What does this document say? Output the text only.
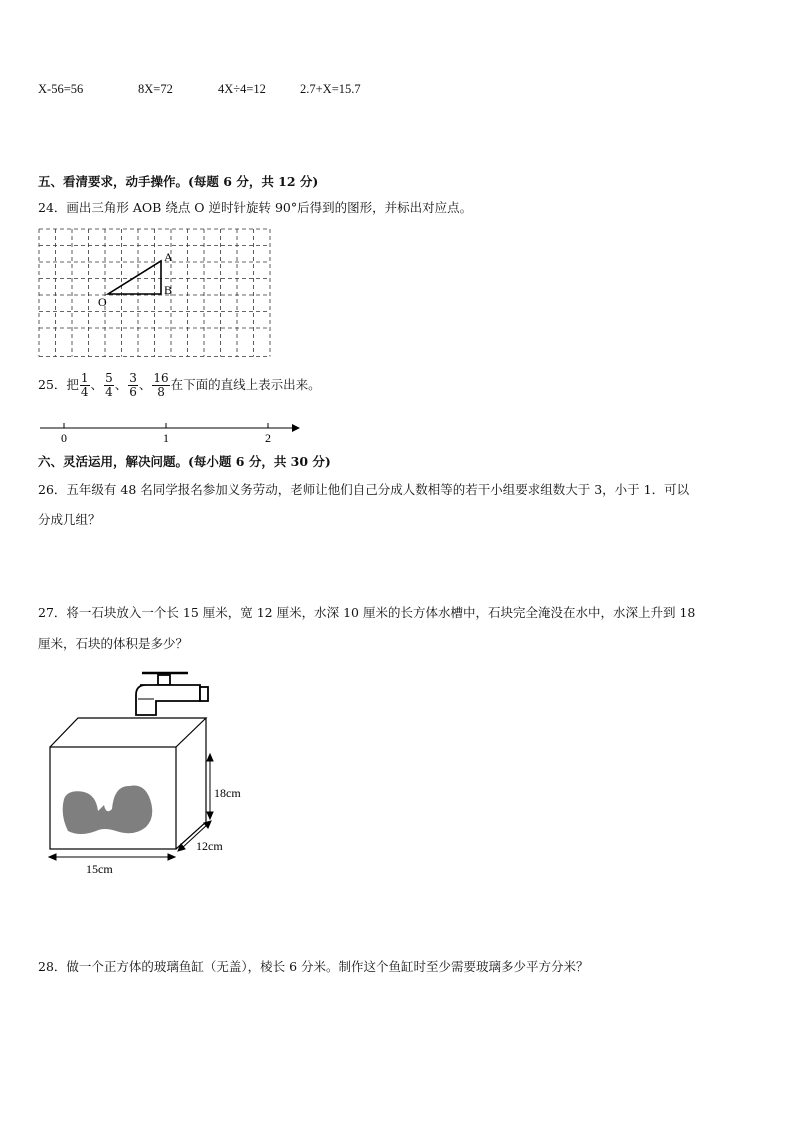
X-56=56	8X=72	4X÷4=12	2.7+X=15.7
五、看清要求，动手操作。(每题 6 分，共 12 分)
24．画出三角形 AOB 绕点 O 逆时针旋转 90°后得到的图形，并标出对应点。
A
B
O
25．把 $\frac{1}{4}$ 、 $\frac{5}{4}$ 、 $\frac{3}{6}$ 、 $\frac{16}{8}$ 在下面的直线上表示出来。
0	1	2
六、灵活运用，解决问题。(每小题 6 分，共 30 分)
26．五年级有 48 名同学报名参加义务劳动，老师让他们自己分成人数相等的若干小组要求组数大于 3，小于 1．可以
分成几组？
27．将一石块放入一个长 15 厘米，宽 12 厘米，水深 10 厘米的长方体水槽中，石块完全淹没在水中，水深上升到 18
厘米，石块的体积是多少？
18cm
12cm
15cm
28．做一个正方体的玻璃鱼缸（无盖），棱长 6 分米。制作这个鱼缸时至少需要玻璃多少平方分米？
